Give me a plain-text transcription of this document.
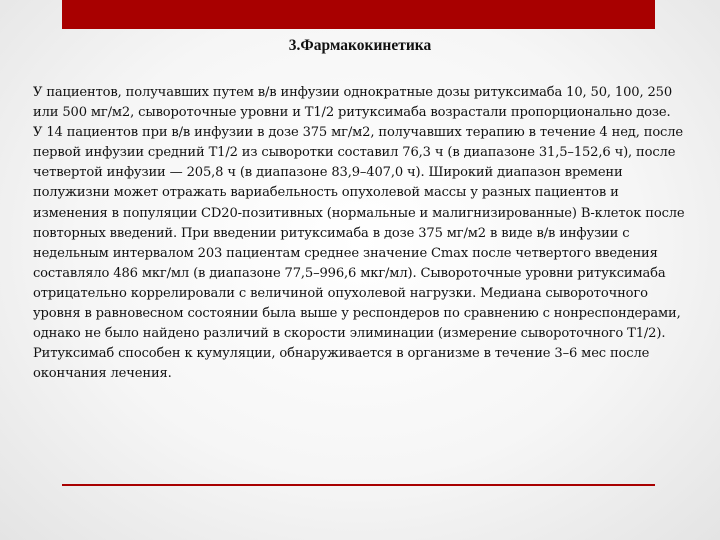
3.Фармакокинетика

У пациентов, получавших путем в/в инфузии однократные дозы ритуксимаба 10, 50, 100, 250 или 500 мг/м2, сывороточные уровни и Т1/2 ритуксимаба возрастали пропорционально дозе.

У 14 пациентов при в/в инфузии в дозе 375 мг/м2, получавших терапию в течение 4 нед, после первой инфузии средний Т1/2 из сыворотки составил 76,3 ч (в диапазоне 31,5–152,6 ч), после четвертой инфузии — 205,8 ч (в диапазоне 83,9–407,0 ч). Широкий диапазон времени полужизни может отражать вариабельность опухолевой массы у разных пациентов и изменения в популяции CD20-позитивных (нормальные и малигнизированные) В-клеток после повторных введений. При введении ритуксимаба в дозе 375 мг/м2 в виде в/в инфузии с недельным интервалом 203 пациентам среднее значение Cmax после четвертого введения составляло 486 мкг/мл (в диапазоне 77,5–996,6 мкг/мл). Сывороточные уровни ритуксимаба отрицательно коррелировали с величиной опухолевой нагрузки. Медиана сывороточного уровня в равновесном состоянии была выше у респондеров по сравнению с нонреспондерами, однако не было найдено различий в скорости элиминации (измерение сывороточного Т1/2). Ритуксимаб способен к кумуляции, обнаруживается в организме в течение 3–6 мес после окончания лечения.
